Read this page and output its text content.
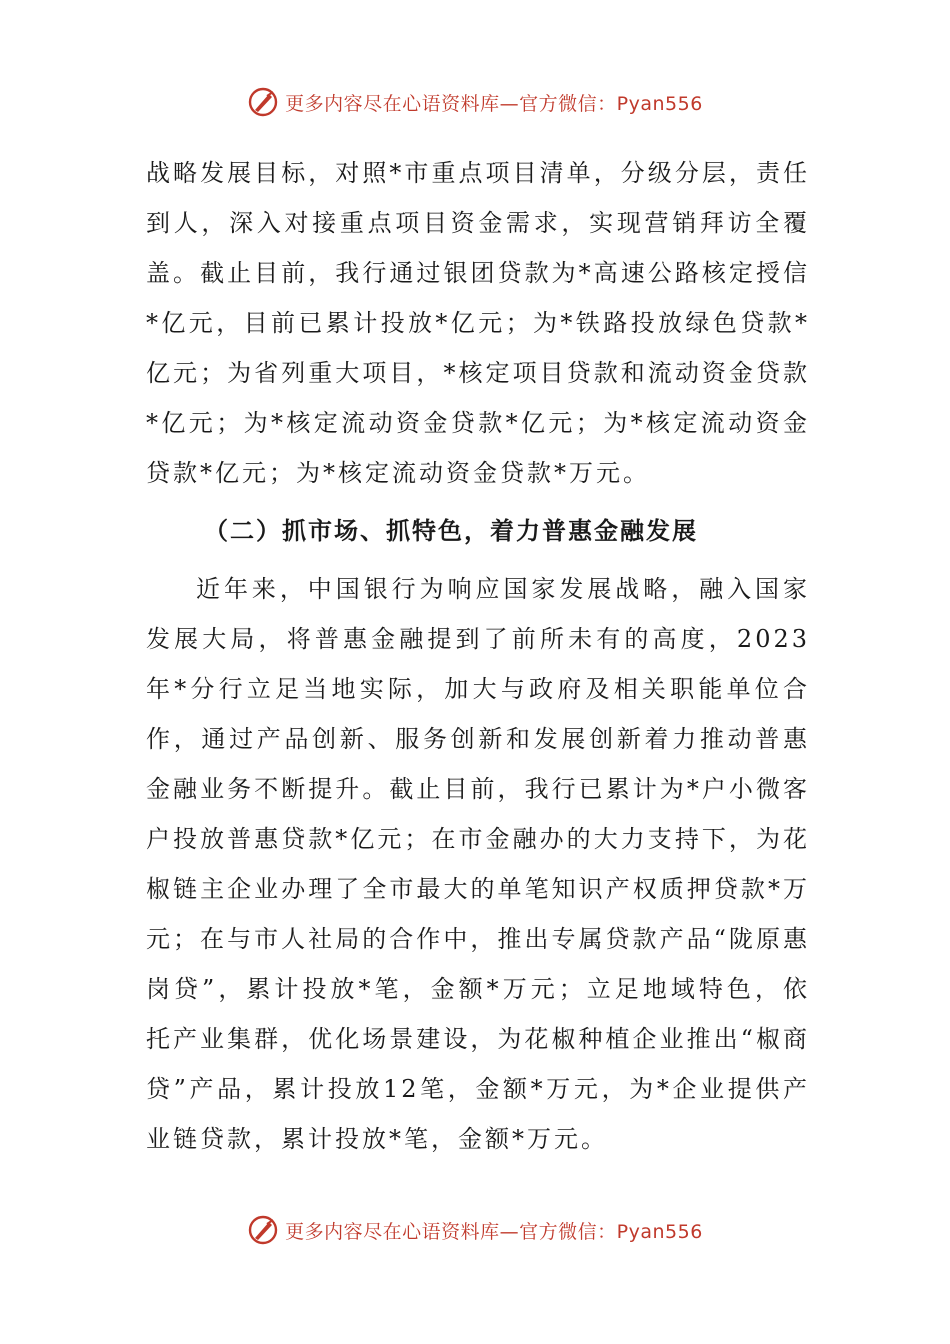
更多内容尽在心语资料库—官方微信：Pyan556

战略发展目标，对照*市重点项目清单，分级分层，责任到人，深入对接重点项目资金需求，实现营销拜访全覆盖。截止目前，我行通过银团贷款为*高速公路核定授信*亿元，目前已累计投放*亿元；为*铁路投放绿色贷款*亿元；为省列重大项目，*核定项目贷款和流动资金贷款*亿元；为*核定流动资金贷款*亿元；为*核定流动资金贷款*亿元；为*核定流动资金贷款*万元。

（二）抓市场、抓特色，着力普惠金融发展

近年来，中国银行为响应国家发展战略，融入国家发展大局，将普惠金融提到了前所未有的高度，2023年*分行立足当地实际，加大与政府及相关职能单位合作，通过产品创新、服务创新和发展创新着力推动普惠金融业务不断提升。截止目前，我行已累计为*户小微客户投放普惠贷款*亿元；在市金融办的大力支持下，为花椒链主企业办理了全市最大的单笔知识产权质押贷款*万元；在与市人社局的合作中，推出专属贷款产品“陇原惠岗贷”，累计投放*笔，金额*万元；立足地域特色，依托产业集群，优化场景建设，为花椒种植企业推出“椒商贷”产品，累计投放12笔，金额*万元，为*企业提供产业链贷款，累计投放*笔，金额*万元。

更多内容尽在心语资料库—官方微信：Pyan556
